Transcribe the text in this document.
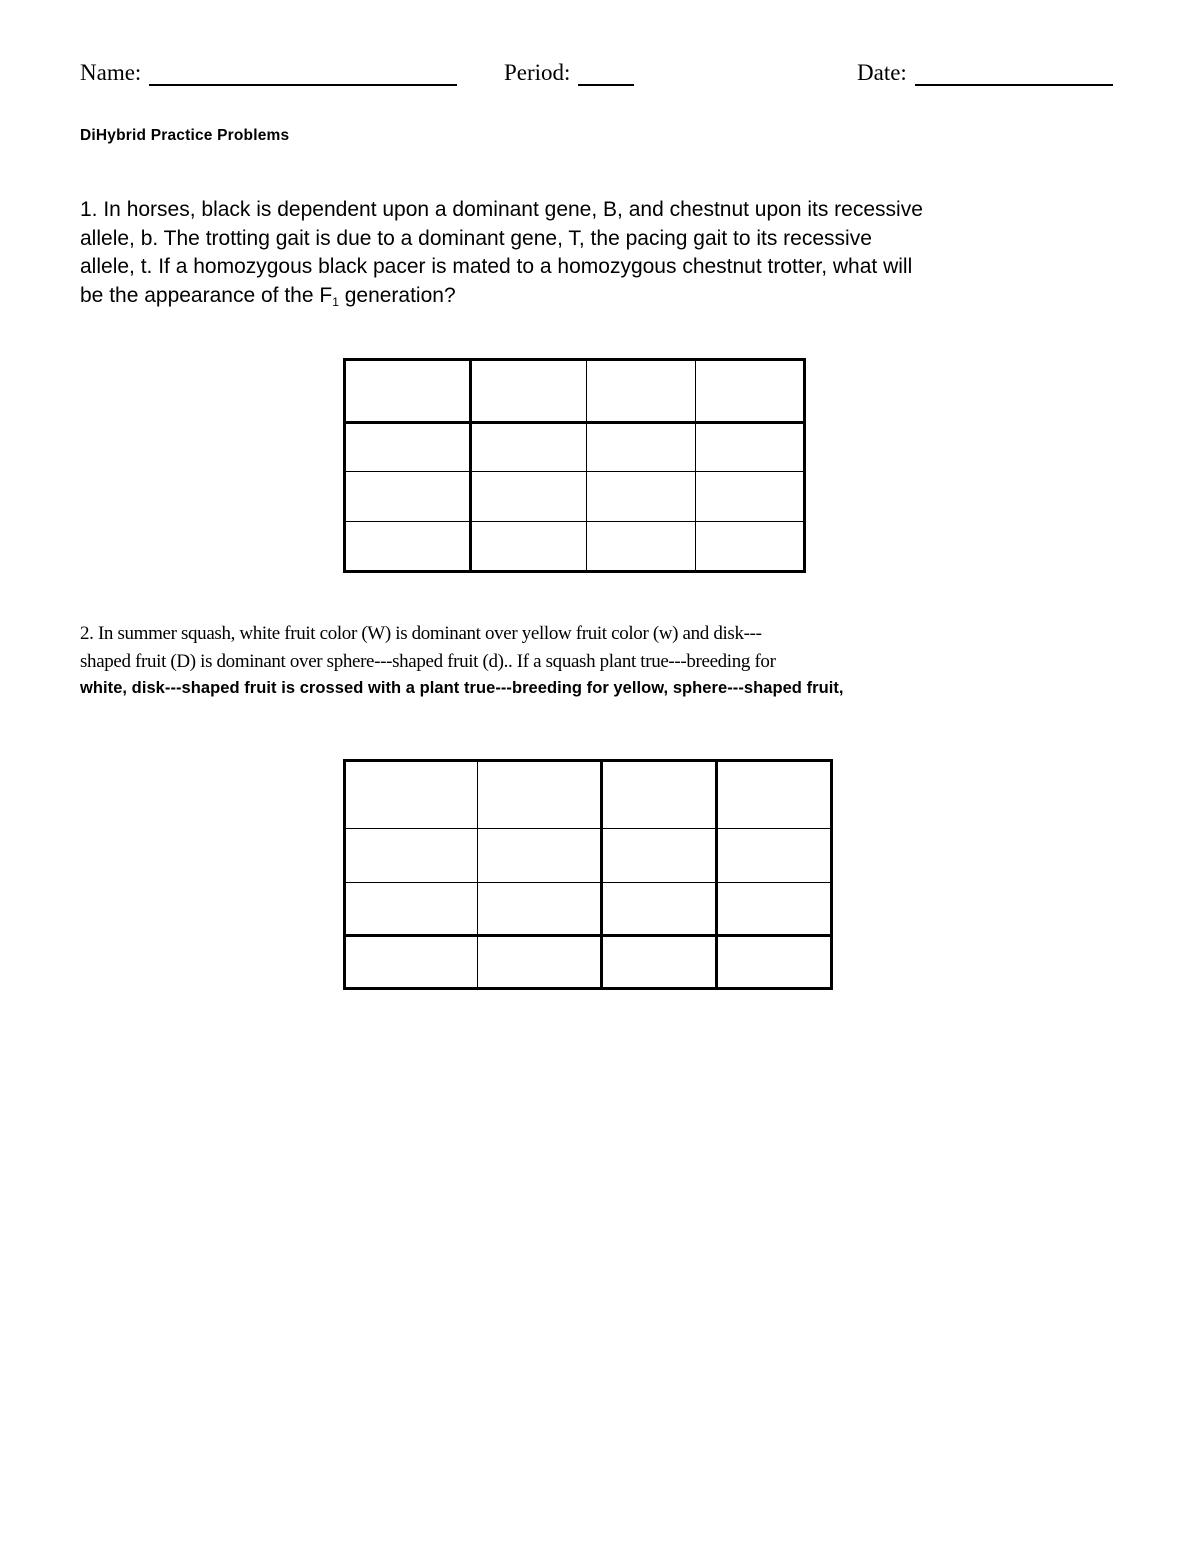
Name:	Period:	Date:
DiHybrid Practice Problems
1. In horses, black is dependent upon a dominant gene, B, and chestnut upon its recessive
allele, b. The trotting gait is due to a dominant gene, T, the pacing gait to its recessive
allele, t. If a homozygous black pacer is mated to a homozygous chestnut trotter, what will
be the appearance of the F1 generation?

2. In summer squash, white fruit color (W) is dominant over yellow fruit color (w) and disk‐‐‐
shaped fruit (D) is dominant over sphere‐‐‐shaped fruit (d).. If a squash plant true‐‐‐breeding for
white, disk‐‐‐shaped fruit is crossed with a plant true‐‐‐breeding for yellow, sphere‐‐‐shaped fruit,
